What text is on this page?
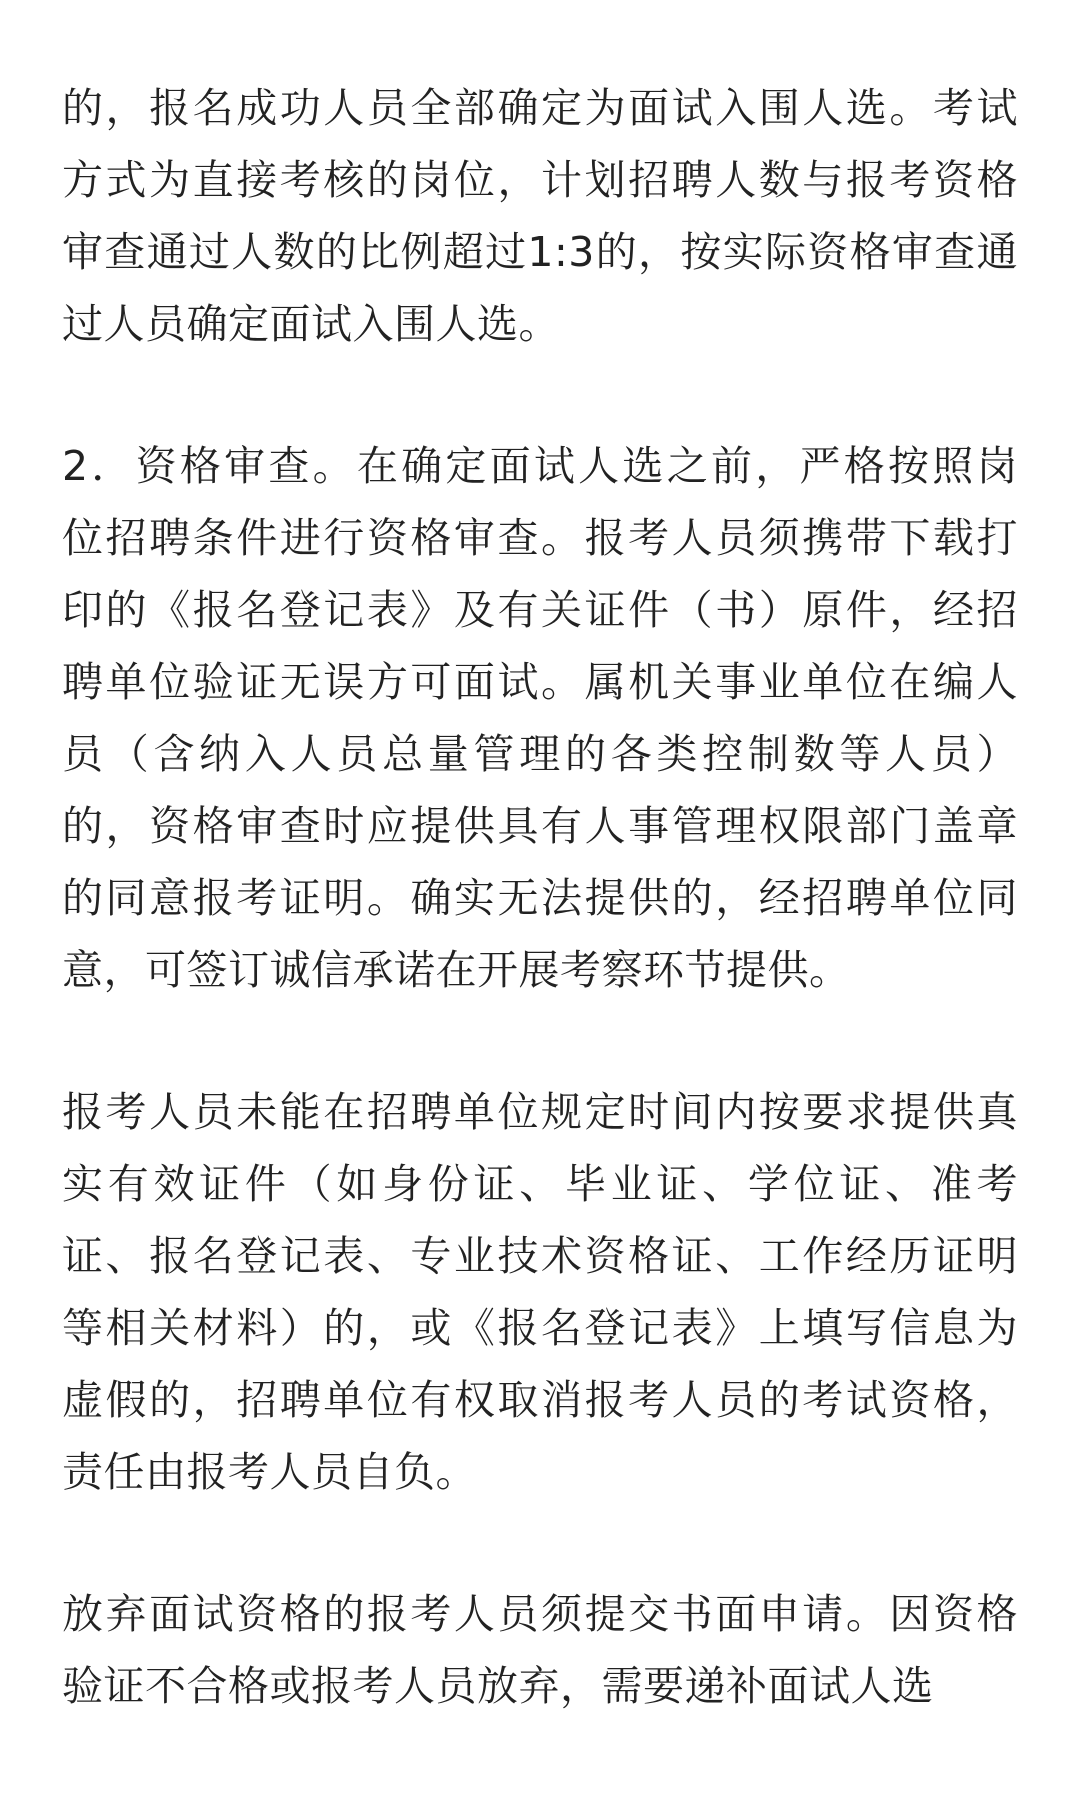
的，报名成功人员全部确定为面试入围人选。考试
方式为直接考核的岗位，计划招聘人数与报考资格
审查通过人数的比例超过1:3的，按实际资格审查通
过人员确定面试入围人选。
2．资格审查。在确定面试人选之前，严格按照岗
位招聘条件进行资格审查。报考人员须携带下载打
印的《报名登记表》及有关证件（书）原件，经招
聘单位验证无误方可面试。属机关事业单位在编人
员（含纳入人员总量管理的各类控制数等人员）
的，资格审查时应提供具有人事管理权限部门盖章
的同意报考证明。确实无法提供的，经招聘单位同
意，可签订诚信承诺在开展考察环节提供。
报考人员未能在招聘单位规定时间内按要求提供真
实有效证件（如身份证、毕业证、学位证、准考
证、报名登记表、专业技术资格证、工作经历证明
等相关材料）的，或《报名登记表》上填写信息为
虚假的，招聘单位有权取消报考人员的考试资格，
责任由报考人员自负。
放弃面试资格的报考人员须提交书面申请。因资格
验证不合格或报考人员放弃，需要递补面试人选
